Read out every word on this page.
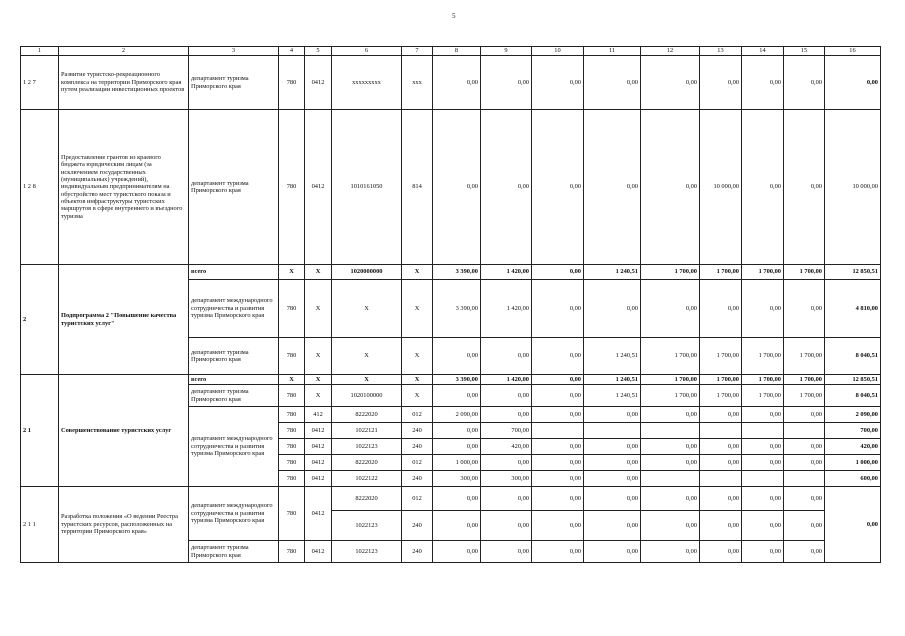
5
1	2	3	4	5	6	7	8	9	10	11	12	13	14	15	16
1 2 7	Развитие туристско-рекреационного комплекса на территории Приморского края путем реализации инвестиционных проектов	департамент туризма Приморского края	780	0412	ххххххххх	ххх	0,00	0,00	0,00	0,00	0,00	0,00	0,00	0,00	0,00
1 2 8	Предоставление грантов из краевого бюджета юридическим лицам (за исключением государственных (муниципальных) учреждений), индивидуальным предпринимателям на обустройство мест туристского показа и объектов инфраструктуры туристских маршрутов в сфере внутреннего и въездного туризма	департамент туризма Приморского края	780	0412	1010161050	814	0,00	0,00	0,00	0,00	0,00	10 000,00	0,00	0,00	10 000,00
2	Подпрограмма 2 "Повышение качества туристских услуг"	всего	Х	Х	1020000000	Х	3 390,00	1 420,00	0,00	1 240,51	1 700,00	1 700,00	1 700,00	1 700,00	12 850,51
		департамент международного сотрудничества и развития туризма Приморского края	780	Х	Х	Х	3 390,00	1 420,00	0,00	0,00	0,00	0,00	0,00	0,00	4 810,00
		департамент туризма Приморского края	780	Х	Х	Х	0,00	0,00	0,00	1 240,51	1 700,00	1 700,00	1 700,00	1 700,00	8 040,51
2 1	Совершенствование туристских услуг	всего	Х	Х	Х	Х	3 390,00	1 420,00	0,00	1 240,51	1 700,00	1 700,00	1 700,00	1 700,00	12 850,51
		департамент туризма Приморского края	780	Х	1020100000	Х	0,00	0,00	0,00	1 240,51	1 700,00	1 700,00	1 700,00	1 700,00	8 040,51
		департамент международного сотрудничества и развития туризма Приморского края	780	412	8222020	012	2 090,00	0,00	0,00	0,00	0,00	0,00	0,00	0,00	2 090,00
			780	0412	1022121	240	0,00	700,00							700,00
			780	0412	1022123	240	0,00	420,00	0,00	0,00	0,00	0,00	0,00	0,00	420,00
			780	0412	8222020	012	1 000,00	0,00	0,00	0,00	0,00	0,00	0,00	0,00	1 000,00
			780	0412	1022122	240	300,00	300,00	0,00	0,00					600,00
2 1 1	Разработка положения «О ведении Реестра туристских ресурсов, расположенных на территории Приморского края»	департамент международного сотрудничества и развития туризма Приморского края	780	0412	8222020	012	0,00	0,00	0,00	0,00	0,00	0,00	0,00	0,00	0,00
					1022123	240	0,00	0,00	0,00	0,00	0,00	0,00	0,00	0,00	
		департамент туризма Приморского края	780	0412	1022123	240	0,00	0,00	0,00	0,00	0,00	0,00	0,00	0,00	
